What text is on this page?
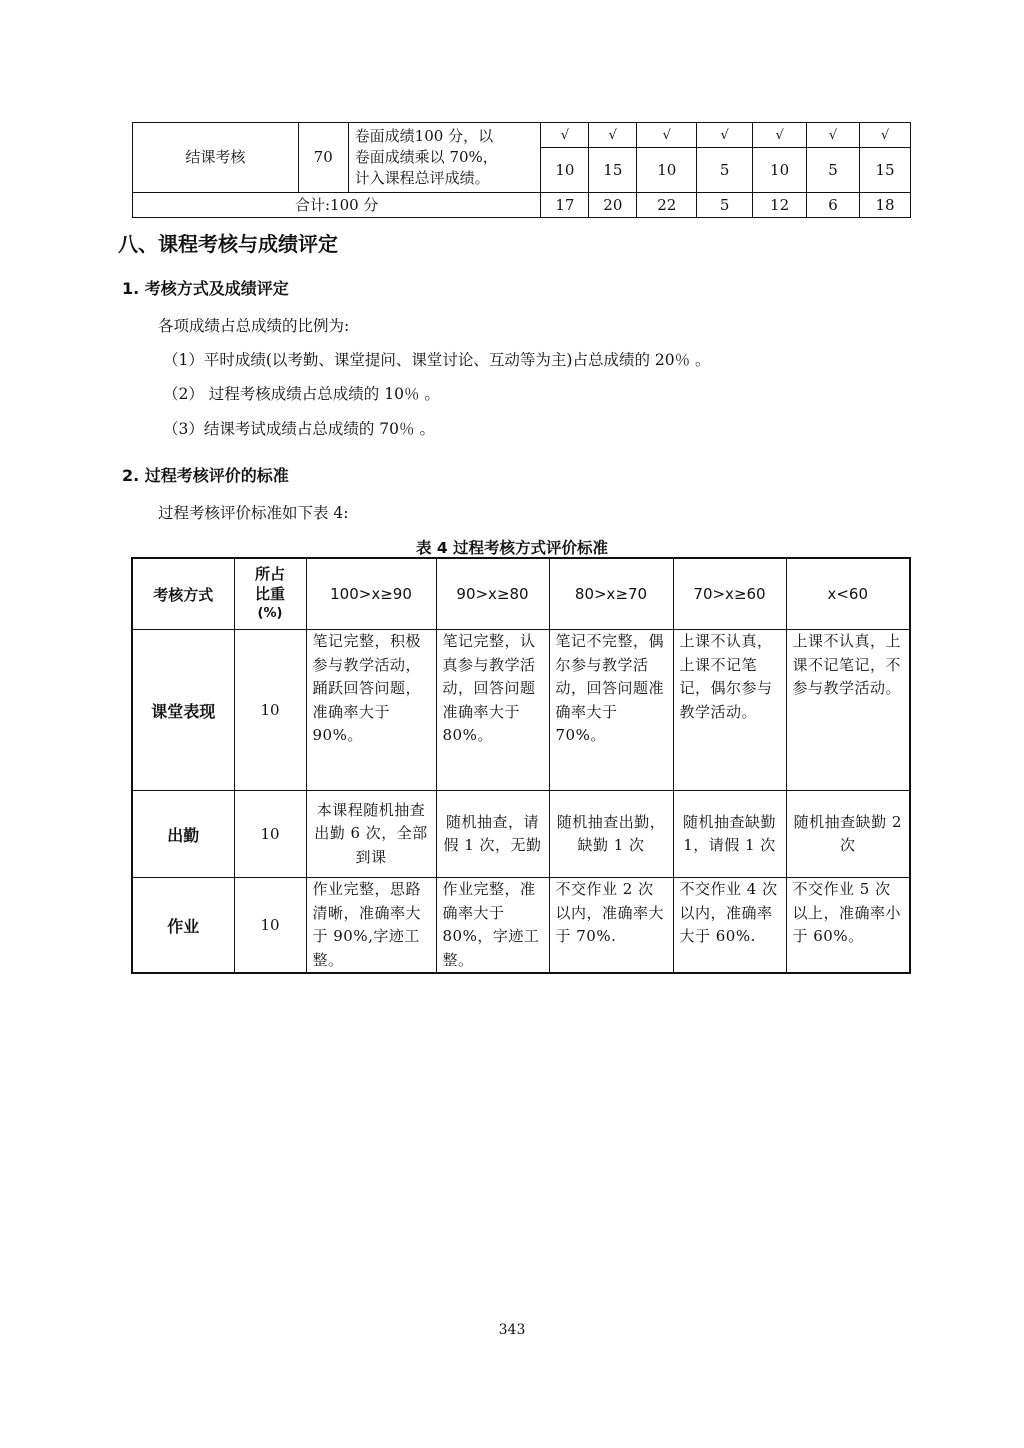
结课考核	70	卷面成绩100 分，以
卷面成绩乘以 70%，
计入课程总评成绩。	√	√	√	√	√	√	√
			10	15	10	5	10	5	15
合计:100 分			17	20	22	5	12	6	18
八、课程考核与成绩评定
1. 考核方式及成绩评定

各项成绩占总成绩的比例为:

（1）平时成绩(以考勤、课堂提问、课堂讨论、互动等为主)占总成绩的 20％ 。

（2） 过程考核成绩占总成绩的 10％ 。

（3）结课考试成绩占总成绩的 70％ 。

2. 过程考核评价的标准

过程考核评价标准如下表 4:

表 4 过程考核方式评价标准

考核方式	所占
比重
(%)	100>x≥90	90>x≥80	80>x≥70	70>x≥60	x<60
课堂表现	10	笔记完整，积极参与教学活动，踊跃回答问题，准确率大于 90%。	笔记完整，认真参与教学活动，回答问题准确率大于 80%。	笔记不完整，偶尔参与教学活动，回答问题准确率大于 70%。	上课不认真，上课不记笔记，偶尔参与教学活动。	上课不认真，上课不记笔记，不参与教学活动。
出勤	10	本课程随机抽查出勤 6 次，全部到课	随机抽查，请假 1 次，无勤	随机抽查出勤，缺勤 1 次	随机抽查缺勤 1，请假 1 次	随机抽查缺勤 2 次
作业	10	作业完整，思路清晰，准确率大于 90%,字迹工整。	作业完整，准确率大于 80%，字迹工整。	不交作业 2 次以内，准确率大于 70%.	不交作业 4 次以内，准确率大于 60%.	不交作业 5 次以上，准确率小于 60%。

343
